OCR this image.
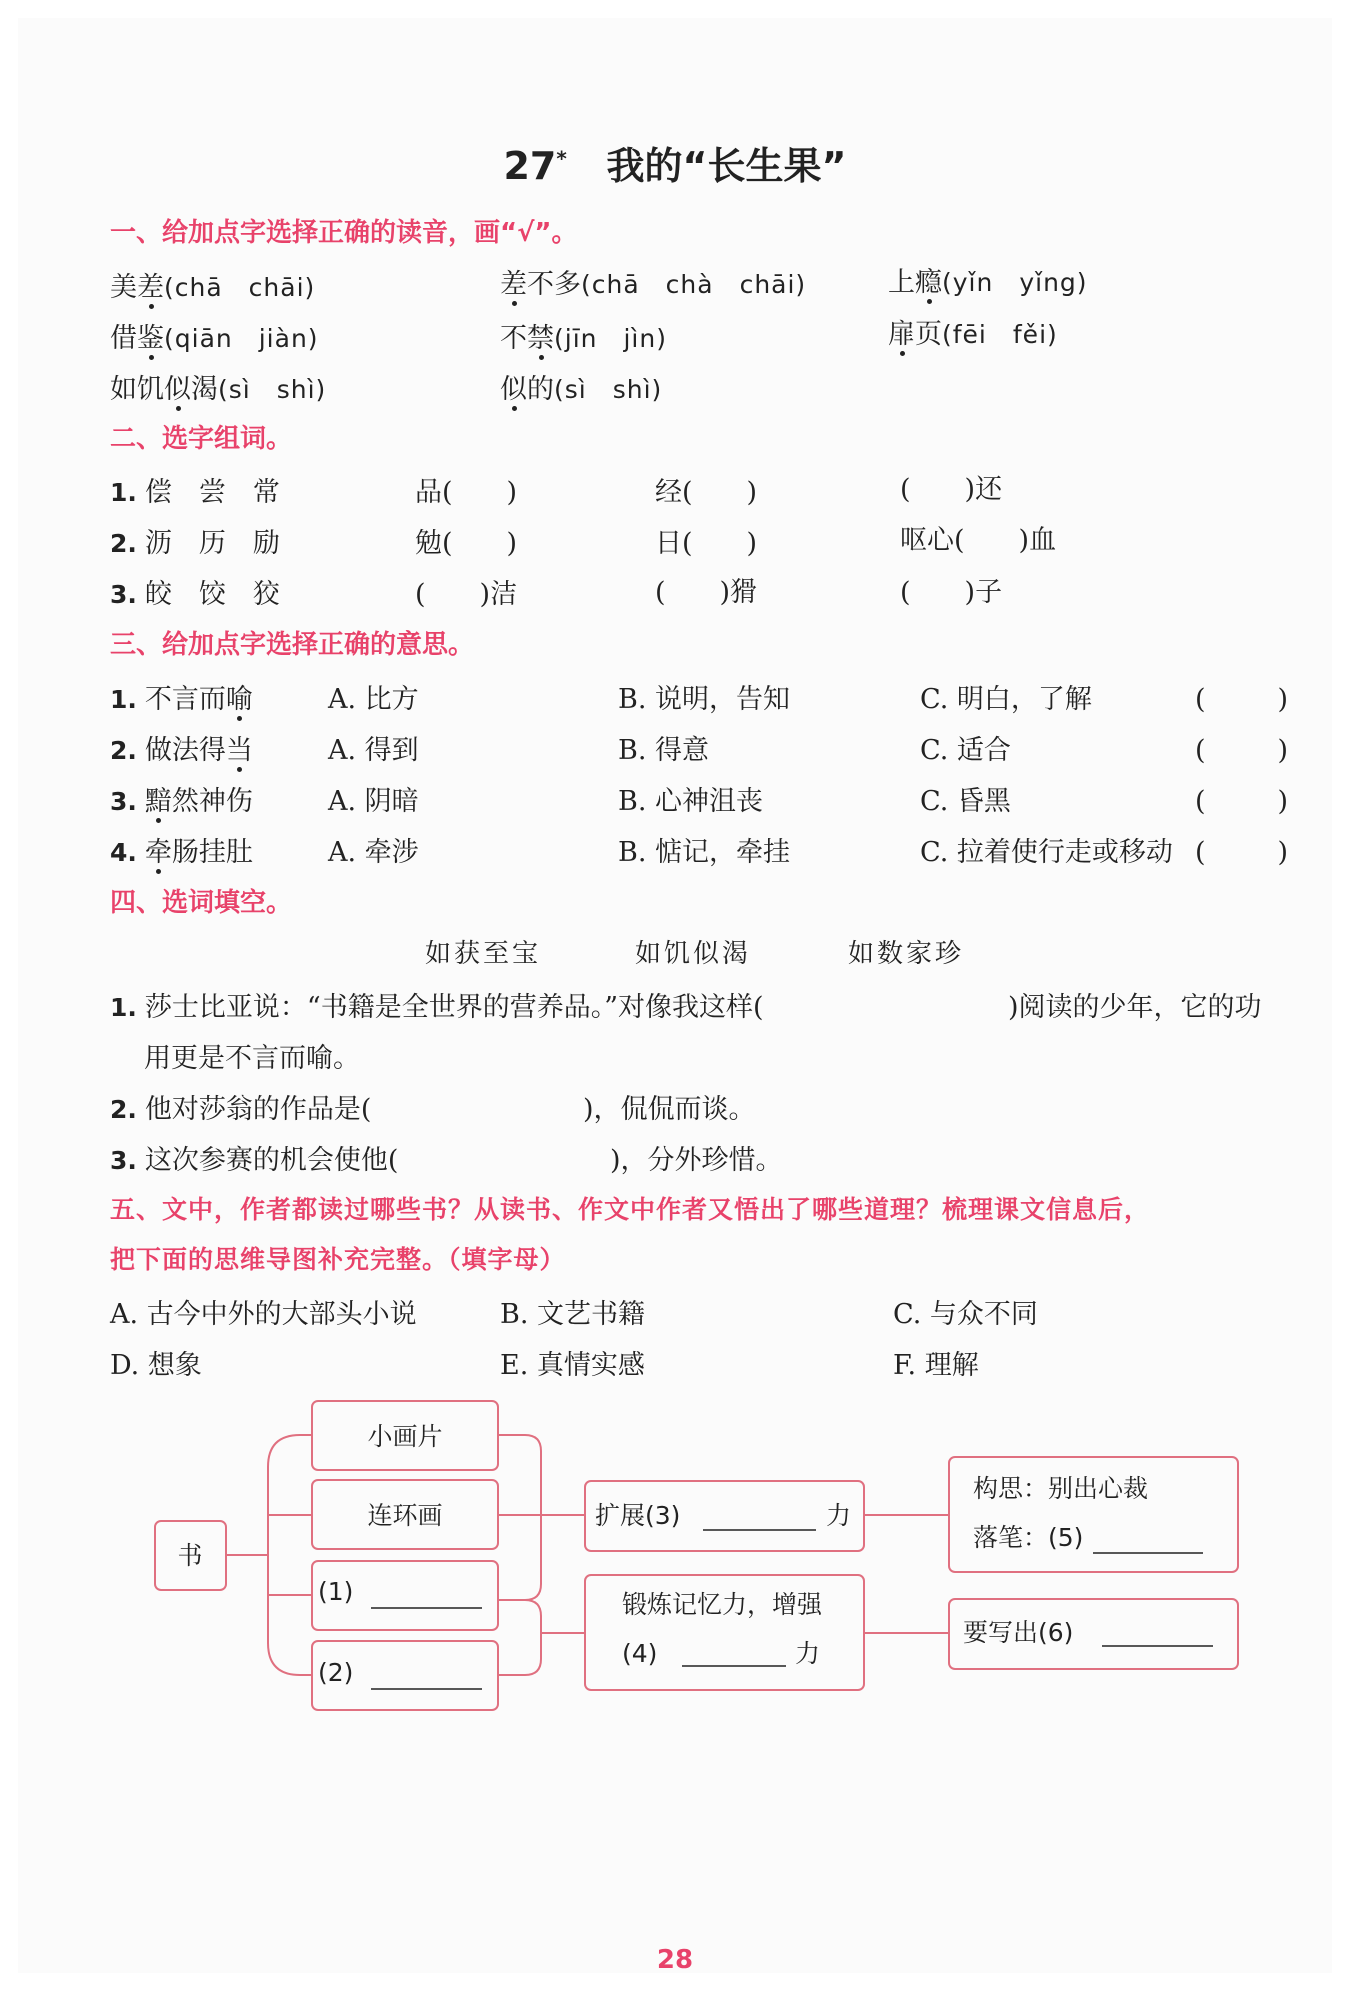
27* 我的“长生果”
一、给加点字选择正确的读音，画“√”。
美差(chā　chāi)	差不多(chā　chà　chāi)	上瘾(yǐn　yǐng)
借鉴(qiān　jiàn)	不禁(jīn　jìn)	扉页(fēi　fěi)
如饥似渴(sì　shì)	似的(sì　shì)
二、选字组词。
1. 偿　尝　常	品(　　)	经(　　)	(　　)还
2. 沥　历　励	勉(　　)	日(　　)	呕心(　　)血
3. 皎　饺　狡	(　　)洁	(　　)猾	(　　)子
三、给加点字选择正确的意思。
1. 不言而喻	A. 比方	B. 说明，告知	C. 明白，了解	(　　)
2. 做法得当	A. 得到	B. 得意	C. 适合	(　　)
3. 黯然神伤	A. 阴暗	B. 心神沮丧	C. 昏黑	(　　)
4. 牵肠挂肚	A. 牵涉	B. 惦记，牵挂	C. 拉着使行走或移动 (　　)
四、选词填空。
如获至宝	如饥似渴	如数家珍
1. 莎士比亚说：“书籍是全世界的营养品。”对像我这样(	)阅读的少年，它的功
用更是不言而喻。
2. 他对莎翁的作品是(	)，侃侃而谈。
3. 这次参赛的机会使他(	)，分外珍惜。
五、文中，作者都读过哪些书？从读书、作文中作者又悟出了哪些道理？梳理课文信息后，
把下面的思维导图补充完整。（填字母）
A. 古今中外的大部头小说	B. 文艺书籍	C. 与众不同
D. 想象	E. 真情实感	F. 理解
书
小画片
连环画
(1)
(2)
扩展(3)	力
锻炼记忆力，增强
(4)	力
构思：别出心裁
落笔：(5)
要写出(6)
28
